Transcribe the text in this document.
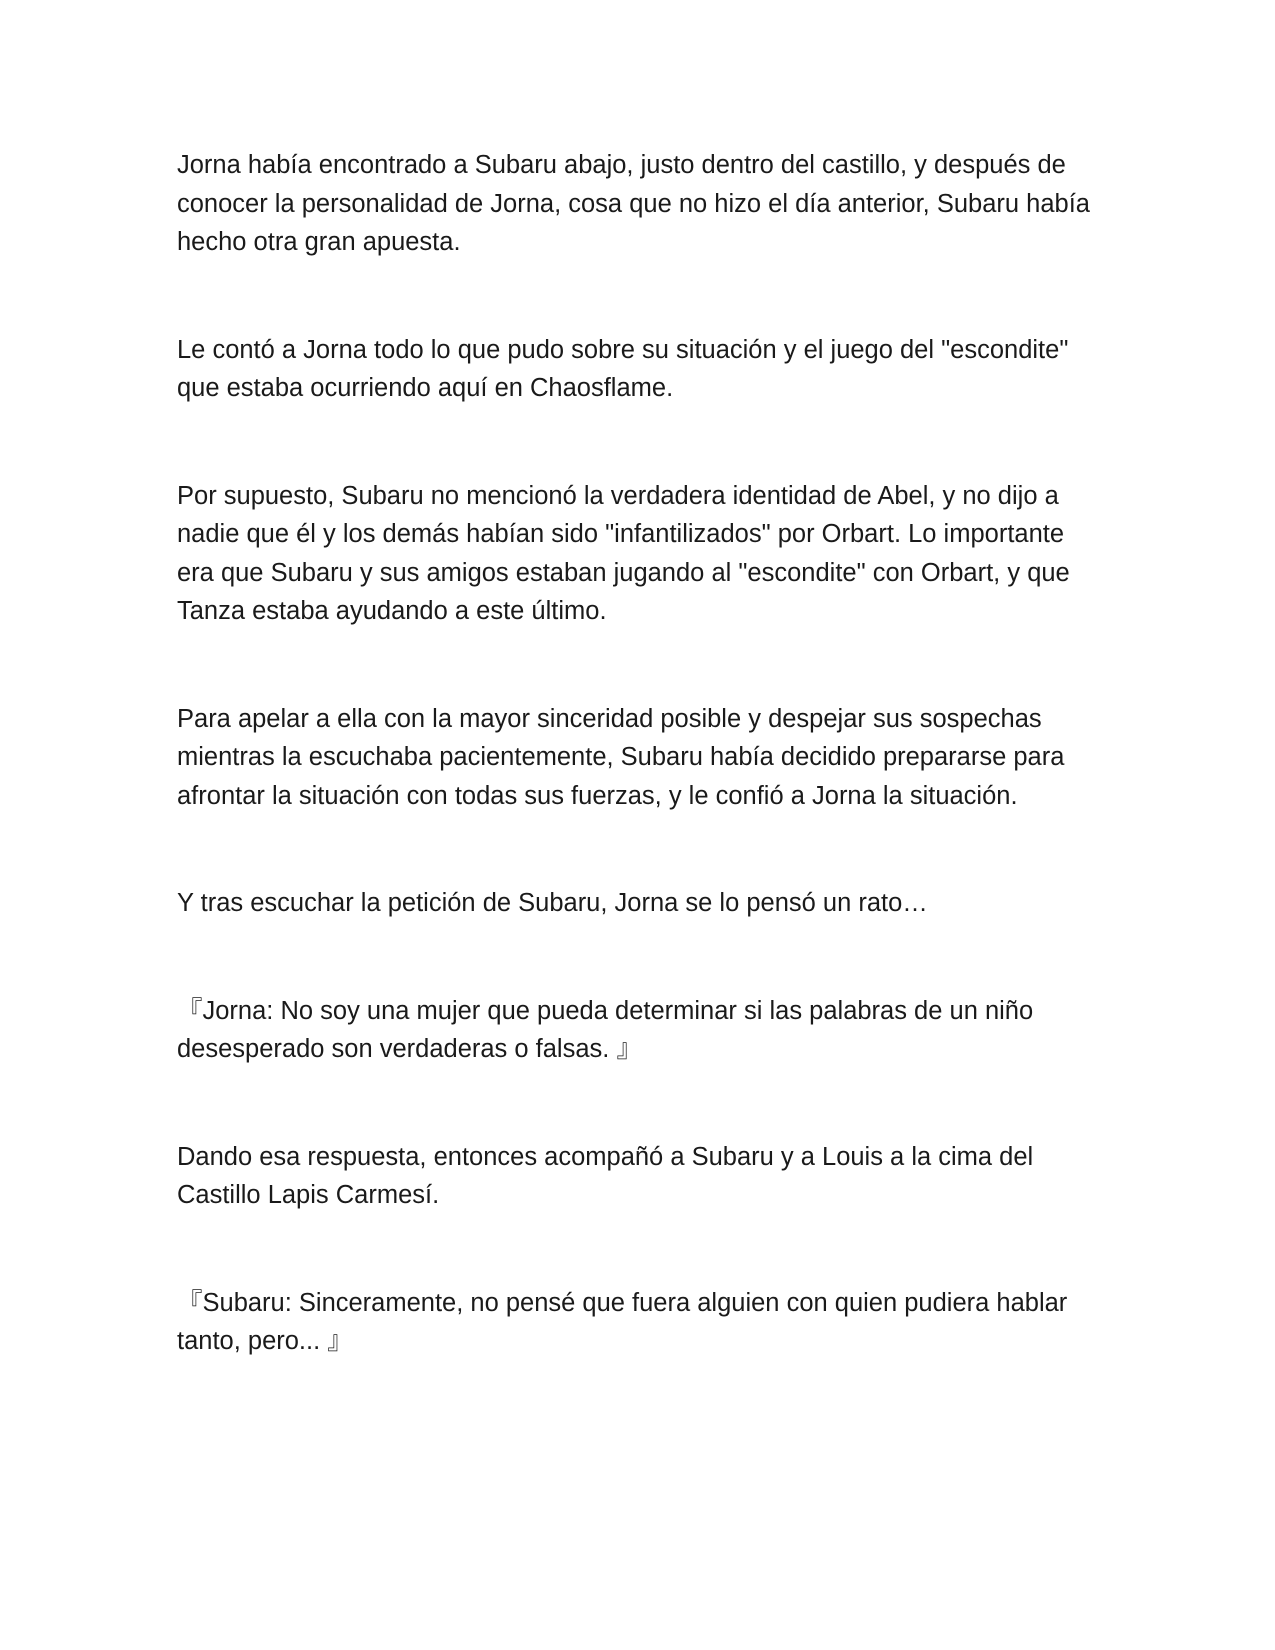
Jorna había encontrado a Subaru abajo, justo dentro del castillo, y después de conocer la personalidad de Jorna, cosa que no hizo el día anterior, Subaru había hecho otra gran apuesta.

Le contó a Jorna todo lo que pudo sobre su situación y el juego del "escondite" que estaba ocurriendo aquí en Chaosflame.

Por supuesto, Subaru no mencionó la verdadera identidad de Abel, y no dijo a nadie que él y los demás habían sido "infantilizados" por Orbart. Lo importante era que Subaru y sus amigos estaban jugando al "escondite" con Orbart, y que Tanza estaba ayudando a este último.

Para apelar a ella con la mayor sinceridad posible y despejar sus sospechas mientras la escuchaba pacientemente, Subaru había decidido prepararse para afrontar la situación con todas sus fuerzas, y le confió a Jorna la situación.

Y tras escuchar la petición de Subaru, Jorna se lo pensó un rato…

『Jorna: No soy una mujer que pueda determinar si las palabras de un niño desesperado son verdaderas o falsas. 』

Dando esa respuesta, entonces acompañó a Subaru y a Louis a la cima del Castillo Lapis Carmesí.

『Subaru: Sinceramente, no pensé que fuera alguien con quien pudiera hablar tanto, pero... 』
